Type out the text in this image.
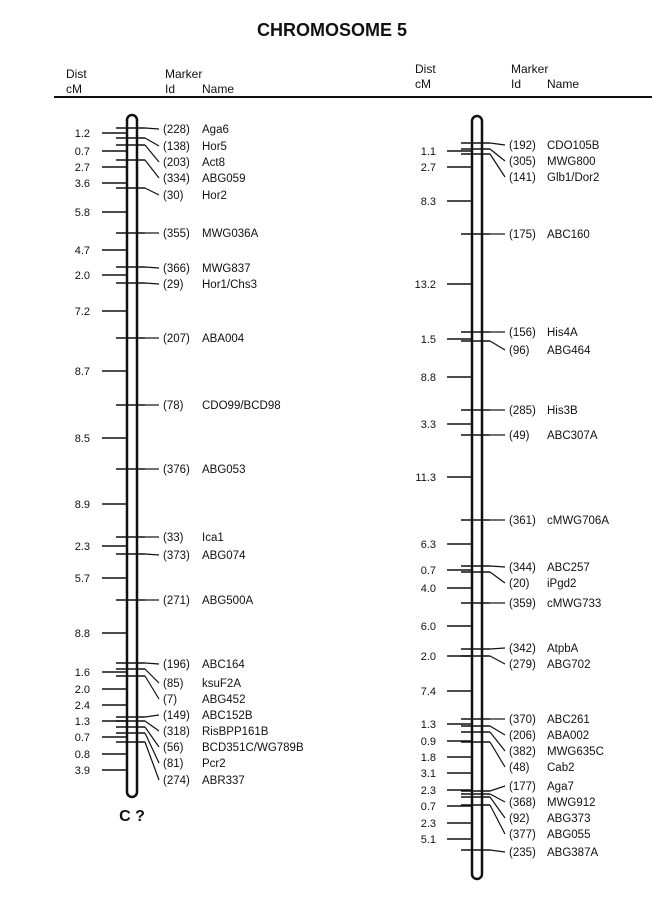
CHROMOSOME 5
Dist
cM
Marker
Id Name
Dist
cM
Marker
Id Name
C ?
1.2
0.7
2.7
3.6
5.8
4.7
2.0
7.2
8.7
8.5
8.9
2.3
5.7
8.8
1.6
2.0
2.4
1.3
0.7
0.8
3.9
(228) Aga6
(138) Hor5
(203) Act8
(334) ABG059
(30) Hor2
(355) MWG036A
(366) MWG837
(29) Hor1/Chs3
(207) ABA004
(78) CDO99/BCD98
(376) ABG053
(33) Ica1
(373) ABG074
(271) ABG500A
(196) ABC164
(85) ksuF2A
(7) ABG452
(149) ABC152B
(318) RisBPP161B
(56) BCD351C/WG789B
(81) Pcr2
(274) ABR337
1.1
2.7
8.3
13.2
1.5
8.8
3.3
11.3
6.3
0.7
4.0
6.0
2.0
7.4
1.3
0.9
1.8
3.1
2.3
0.7
2.3
5.1
(192) CDO105B
(305) MWG800
(141) Glb1/Dor2
(175) ABC160
(156) His4A
(96) ABG464
(285) His3B
(49) ABC307A
(361) cMWG706A
(344) ABC257
(20) iPgd2
(359) cMWG733
(342) AtpbA
(279) ABG702
(370) ABC261
(206) ABA002
(382) MWG635C
(48) Cab2
(177) Aga7
(368) MWG912
(92) ABG373
(377) ABG055
(235) ABG387A
